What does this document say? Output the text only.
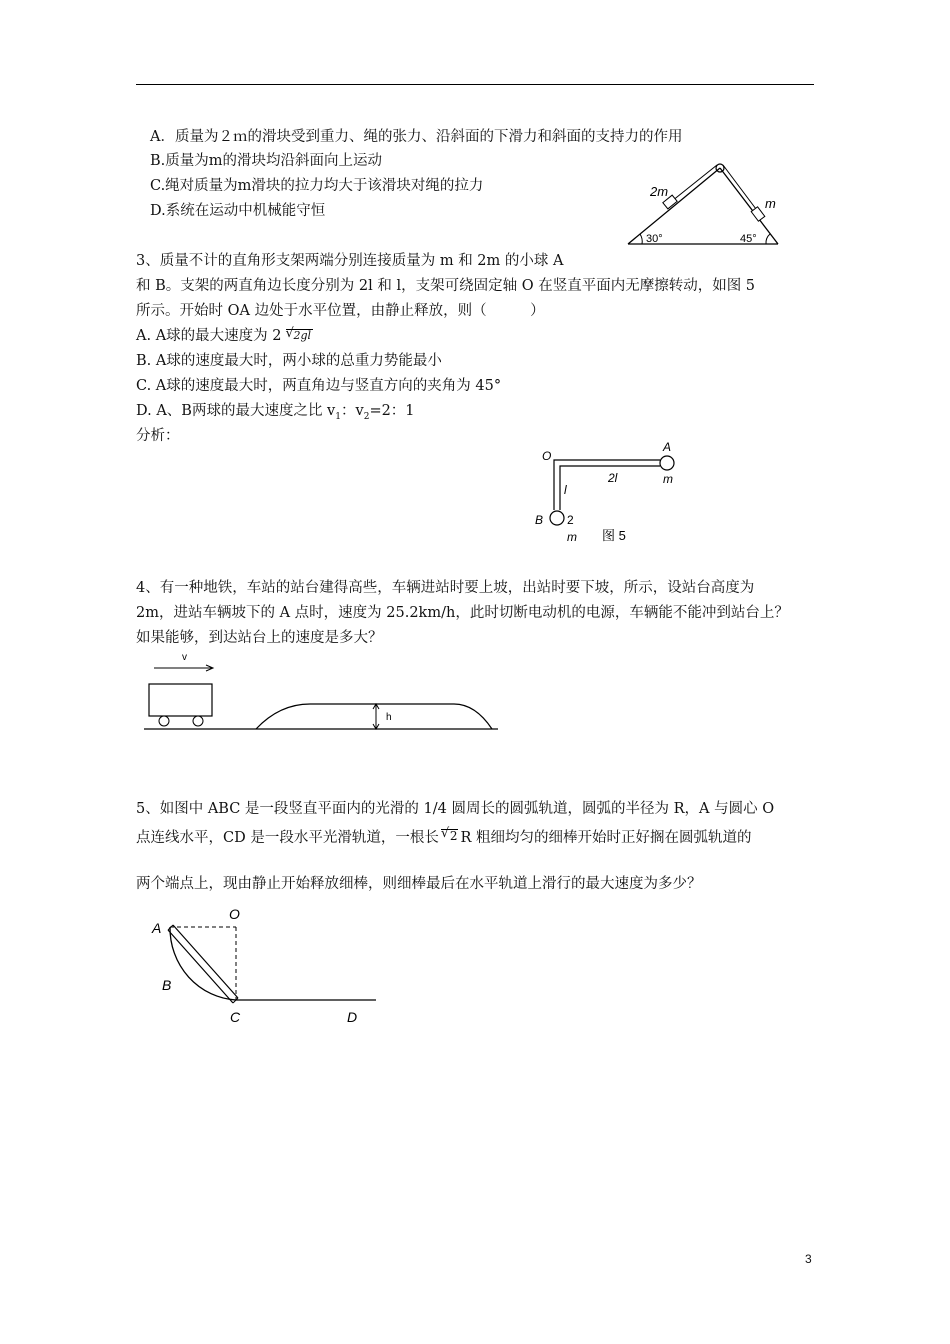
A．质量为２ｍ的滑块受到重力、绳的张力、沿斜面的下滑力和斜面的支持力的作用
B.质量为m的滑块均沿斜面向上运动
C.绳对质量为m滑块的拉力均大于该滑块对绳的拉力
D.系统在运动中机械能守恒
2m
m
30°	45°
3、质量不计的直角形支架两端分别连接质量为 m 和 2m 的小球 A
和 B。支架的两直角边长度分别为 2l 和 l，支架可绕固定轴 O 在竖直平面内无摩擦转动，如图 5
所示。开始时 OA 边处于水平位置，由静止释放，则（　　　）
A. A球的最大速度为 2 √ 2gl
B. A球的速度最大时，两小球的总重力势能最小
C. A球的速度最大时，两直角边与竖直方向的夹角为 45°
D. A、B两球的最大速度之比 $v_1$：$v_2=2$：1
分析：
O
A
m
2l
l
B 2
m 图 5
4、有一种地铁，车站的站台建得高些，车辆进站时要上坡，出站时要下坡，所示，设站台高度为
2m，进站车辆坡下的 A 点时，速度为 25.2km/h，此时切断电动机的电源，车辆能不能冲到站台上？
如果能够，到达站台上的速度是多大？
v
h
5、如图中 ABC 是一段竖直平面内的光滑的 1/4 圆周长的圆弧轨道，圆弧的半径为 R，A 与圆心 O
点连线水平，CD 是一段水平光滑轨道，一根长 √ 2 R 粗细均匀的细棒开始时正好搁在圆弧轨道的
两个端点上，现由静止开始释放细棒，则细棒最后在水平轨道上滑行的最大速度为多少？
A
O
B
C	D
3
